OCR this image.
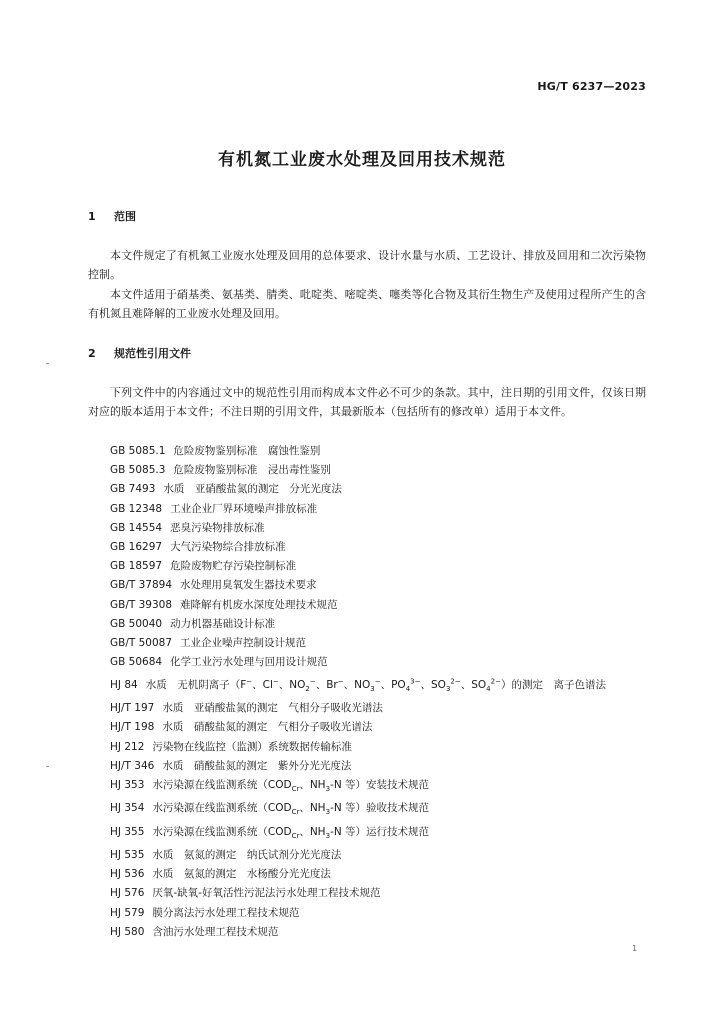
HG/T 6237—2023
有机氮工业废水处理及回用技术规范
1 范围

本文件规定了有机氮工业废水处理及回用的总体要求、设计水量与水质、工艺设计、排放及回用和二次污染物控制。

本文件适用于硝基类、氨基类、腈类、吡啶类、嘧啶类、噻类等化合物及其衍生物生产及使用过程所产生的含有机氮且难降解的工业废水处理及回用。

2 规范性引用文件

下列文件中的内容通过文中的规范性引用而构成本文件必不可少的条款。其中，注日期的引用文件，仅该日期对应的版本适用于本文件；不注日期的引用文件，其最新版本（包括所有的修改单）适用于本文件。

GB 5085.1 危险废物鉴别标准　腐蚀性鉴别
GB 5085.3 危险废物鉴别标准　浸出毒性鉴别
GB 7493 水质　亚硝酸盐氮的测定　分光光度法
GB 12348 工业企业厂界环境噪声排放标准
GB 14554 恶臭污染物排放标准
GB 16297 大气污染物综合排放标准
GB 18597 危险废物贮存污染控制标准
GB/T 37894 水处理用臭氧发生器技术要求
GB/T 39308 难降解有机废水深度处理技术规范
GB 50040 动力机器基础设计标准
GB/T 50087 工业企业噪声控制设计规范
GB 50684 化学工业污水处理与回用设计规范
HJ 84 水质　无机阴离子（F−、Cl−、$NO_2^-$、Br−、$NO_3^-$、$PO_4^{3-}$、$SO_3^{2-}$、$SO_4^{2-}$）的测定　离子色谱法
HJ/T 197 水质　亚硝酸盐氮的测定　气相分子吸收光谱法
HJ/T 198 水质　硝酸盐氮的测定　气相分子吸收光谱法
HJ 212 污染物在线监控（监测）系统数据传输标准
HJ/T 346 水质　硝酸盐氮的测定　紫外分光光度法
HJ 353 水污染源在线监测系统（$COD_{Cr}$、$NH_3-N$ 等）安装技术规范
HJ 354 水污染源在线监测系统（$COD_{Cr}$、$NH_3-N$ 等）验收技术规范
HJ 355 水污染源在线监测系统（$COD_{Cr}$、$NH_3-N$ 等）运行技术规范
HJ 535 水质　氨氮的测定　纳氏试剂分光光度法
HJ 536 水质　氨氮的测定　水杨酸分光光度法
HJ 576 厌氧-缺氧-好氧活性污泥法污水处理工程技术规范
HJ 579 膜分离法污水处理工程技术规范
HJ 580 含油污水处理工程技术规范
1
